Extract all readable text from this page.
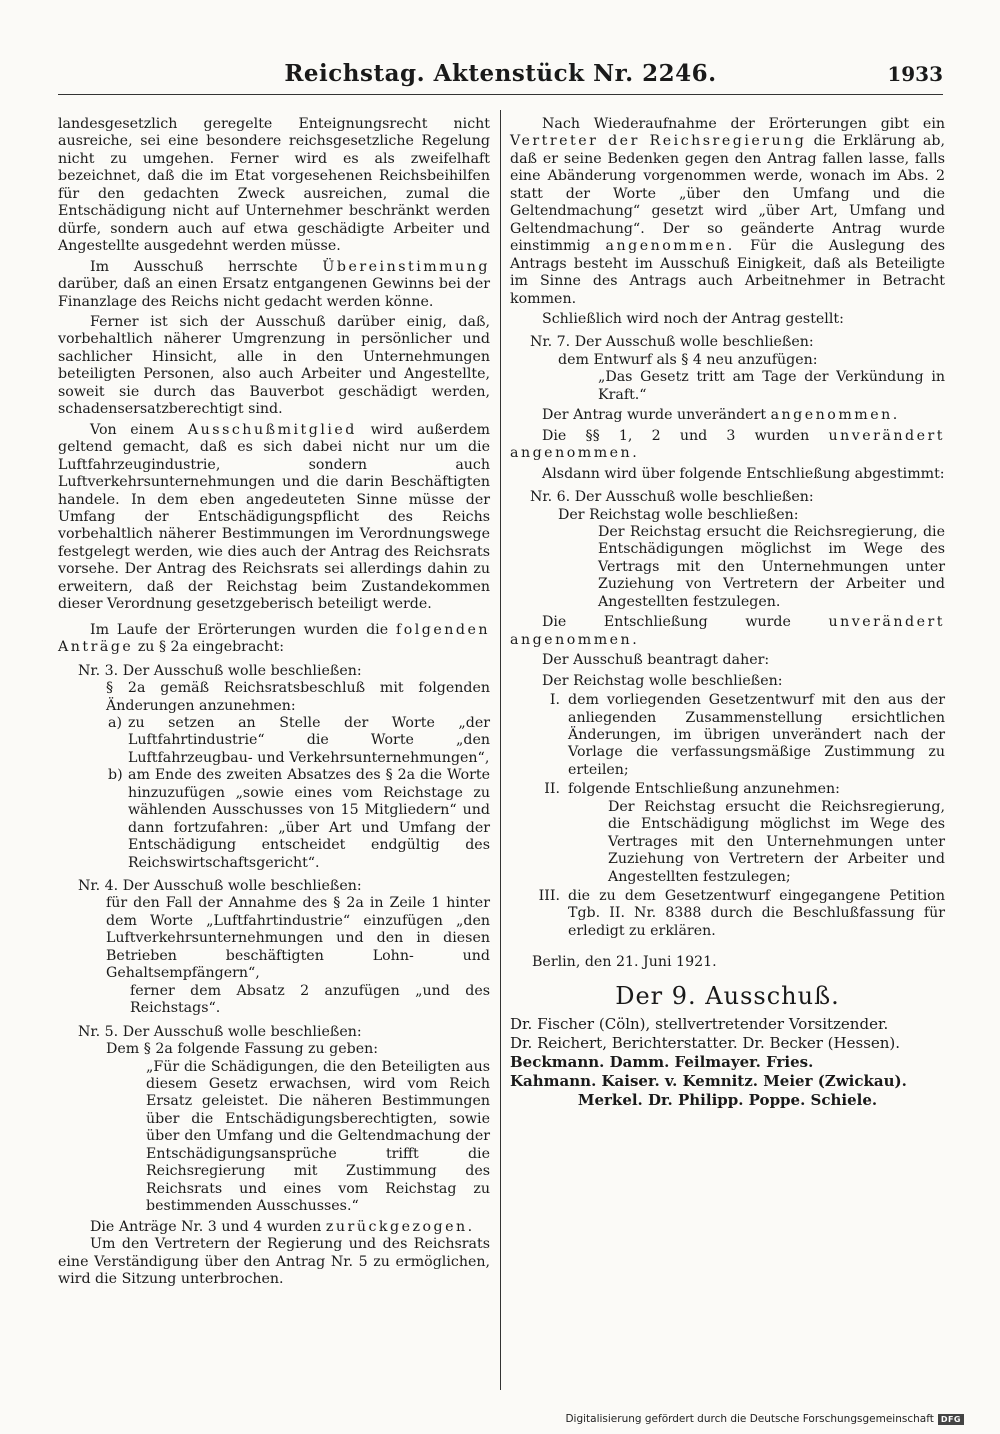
Reichstag. Aktenstück Nr. 2246.	1933

landesgesetzlich geregelte Enteignungsrecht nicht ausreiche, sei eine besondere reichsgesetzliche Regelung nicht zu umgehen. Ferner wird es als zweifelhaft bezeichnet, daß die im Etat vorgesehenen Reichsbeihilfen für den gedachten Zweck ausreichen, zumal die Entschädigung nicht auf Unternehmer beschränkt werden dürfe, sondern auch auf etwa geschädigte Arbeiter und Angestellte ausgedehnt werden müsse.

Im Ausschuß herrschte Übereinstimmung darüber, daß an einen Ersatz entgangenen Gewinns bei der Finanzlage des Reichs nicht gedacht werden könne.

Ferner ist sich der Ausschuß darüber einig, daß, vorbehaltlich näherer Umgrenzung in persönlicher und sachlicher Hinsicht, alle in den Unternehmungen beteiligten Personen, also auch Arbeiter und Angestellte, soweit sie durch das Bauverbot geschädigt werden, schadensersatzberechtigt sind.

Von einem Ausschußmitglied wird außerdem geltend gemacht, daß es sich dabei nicht nur um die Luftfahrzeugindustrie, sondern auch Luftverkehrsunternehmungen und die darin Beschäftigten handele. In dem eben angedeuteten Sinne müsse der Umfang der Entschädigungspflicht des Reichs vorbehaltlich näherer Bestimmungen im Verordnungswege festgelegt werden, wie dies auch der Antrag des Reichsrats vorsehe. Der Antrag des Reichsrats sei allerdings dahin zu erweitern, daß der Reichstag beim Zustandekommen dieser Verordnung gesetzgeberisch beteiligt werde.

Im Laufe der Erörterungen wurden die folgenden Anträge zu § 2a eingebracht:

Nr. 3. Der Ausschuß wolle beschließen:

§ 2a gemäß Reichsratsbeschluß mit folgenden Änderungen anzunehmen:

a) zu setzen an Stelle der Worte „der Luftfahrtindustrie“ die Worte „den Luftfahrzeugbau- und Verkehrsunternehmungen“,
b) am Ende des zweiten Absatzes des § 2a die Worte hinzuzufügen „sowie eines vom Reichstage zu wählenden Ausschusses von 15 Mitgliedern“ und dann fortzufahren: „über Art und Umfang der Entschädigung entscheidet endgültig des Reichswirtschaftsgericht“.

Nr. 4. Der Ausschuß wolle beschließen:

für den Fall der Annahme des § 2a in Zeile 1 hinter dem Worte „Luftfahrtindustrie“ einzufügen „den Luftverkehrsunternehmungen und den in diesen Betrieben beschäftigten Lohn- und Gehaltsempfängern“,

ferner dem Absatz 2 anzufügen „und des Reichstags“.

Nr. 5. Der Ausschuß wolle beschließen:

Dem § 2a folgende Fassung zu geben:

„Für die Schädigungen, die den Beteiligten aus diesem Gesetz erwachsen, wird vom Reich Ersatz geleistet. Die näheren Bestimmungen über die Entschädigungsberechtigten, sowie über den Umfang und die Geltendmachung der Entschädigungsansprüche trifft die Reichsregierung mit Zustimmung des Reichsrats und eines vom Reichstag zu bestimmenden Ausschusses.“

Die Anträge Nr. 3 und 4 wurden zurückgezogen.

Um den Vertretern der Regierung und des Reichsrats eine Verständigung über den Antrag Nr. 5 zu ermöglichen, wird die Sitzung unterbrochen.

Nach Wiederaufnahme der Erörterungen gibt ein Vertreter der Reichsregierung die Erklärung ab, daß er seine Bedenken gegen den Antrag fallen lasse, falls eine Abänderung vorgenommen werde, wonach im Abs. 2 statt der Worte „über den Umfang und die Geltendmachung“ gesetzt wird „über Art, Umfang und Geltendmachung“. Der so geänderte Antrag wurde einstimmig angenommen. Für die Auslegung des Antrags besteht im Ausschuß Einigkeit, daß als Beteiligte im Sinne des Antrags auch Arbeitnehmer in Betracht kommen.

Schließlich wird noch der Antrag gestellt:

Nr. 7. Der Ausschuß wolle beschließen:

dem Entwurf als § 4 neu anzufügen:

„Das Gesetz tritt am Tage der Verkündung in Kraft.“

Der Antrag wurde unverändert angenommen.

Die §§ 1, 2 und 3 wurden unverändert angenommen.

Alsdann wird über folgende Entschließung abgestimmt:

Nr. 6. Der Ausschuß wolle beschließen:

Der Reichstag wolle beschließen:

Der Reichstag ersucht die Reichsregierung, die Entschädigungen möglichst im Wege des Vertrags mit den Unternehmungen unter Zuziehung von Vertretern der Arbeiter und Angestellten festzulegen.

Die Entschließung wurde unverändert angenommen.

Der Ausschuß beantragt daher:

Der Reichstag wolle beschließen:

I. dem vorliegenden Gesetzentwurf mit den aus der anliegenden Zusammenstellung ersichtlichen Änderungen, im übrigen unverändert nach der Vorlage die verfassungsmäßige Zustimmung zu erteilen;
II. folgende Entschließung anzunehmen:

Der Reichstag ersucht die Reichsregierung, die Entschädigung möglichst im Wege des Vertrages mit den Unternehmungen unter Zuziehung von Vertretern der Arbeiter und Angestellten festzulegen;

III. die zu dem Gesetzentwurf eingegangene Petition Tgb. II. Nr. 8388 durch die Beschlußfassung für erledigt zu erklären.

Berlin, den 21. Juni 1921.

Der 9. Ausschuß.

Dr. Fischer (Cöln), stellvertretender Vorsitzender.

Dr. Reichert, Berichterstatter. Dr. Becker (Hessen).

Beckmann. Damm. Feilmayer. Fries.

Kahmann. Kaiser. v. Kemnitz. Meier (Zwickau).

Merkel. Dr. Philipp. Poppe. Schiele.

Digitalisierung gefördert durch die Deutsche Forschungsgemeinschaft DFG
